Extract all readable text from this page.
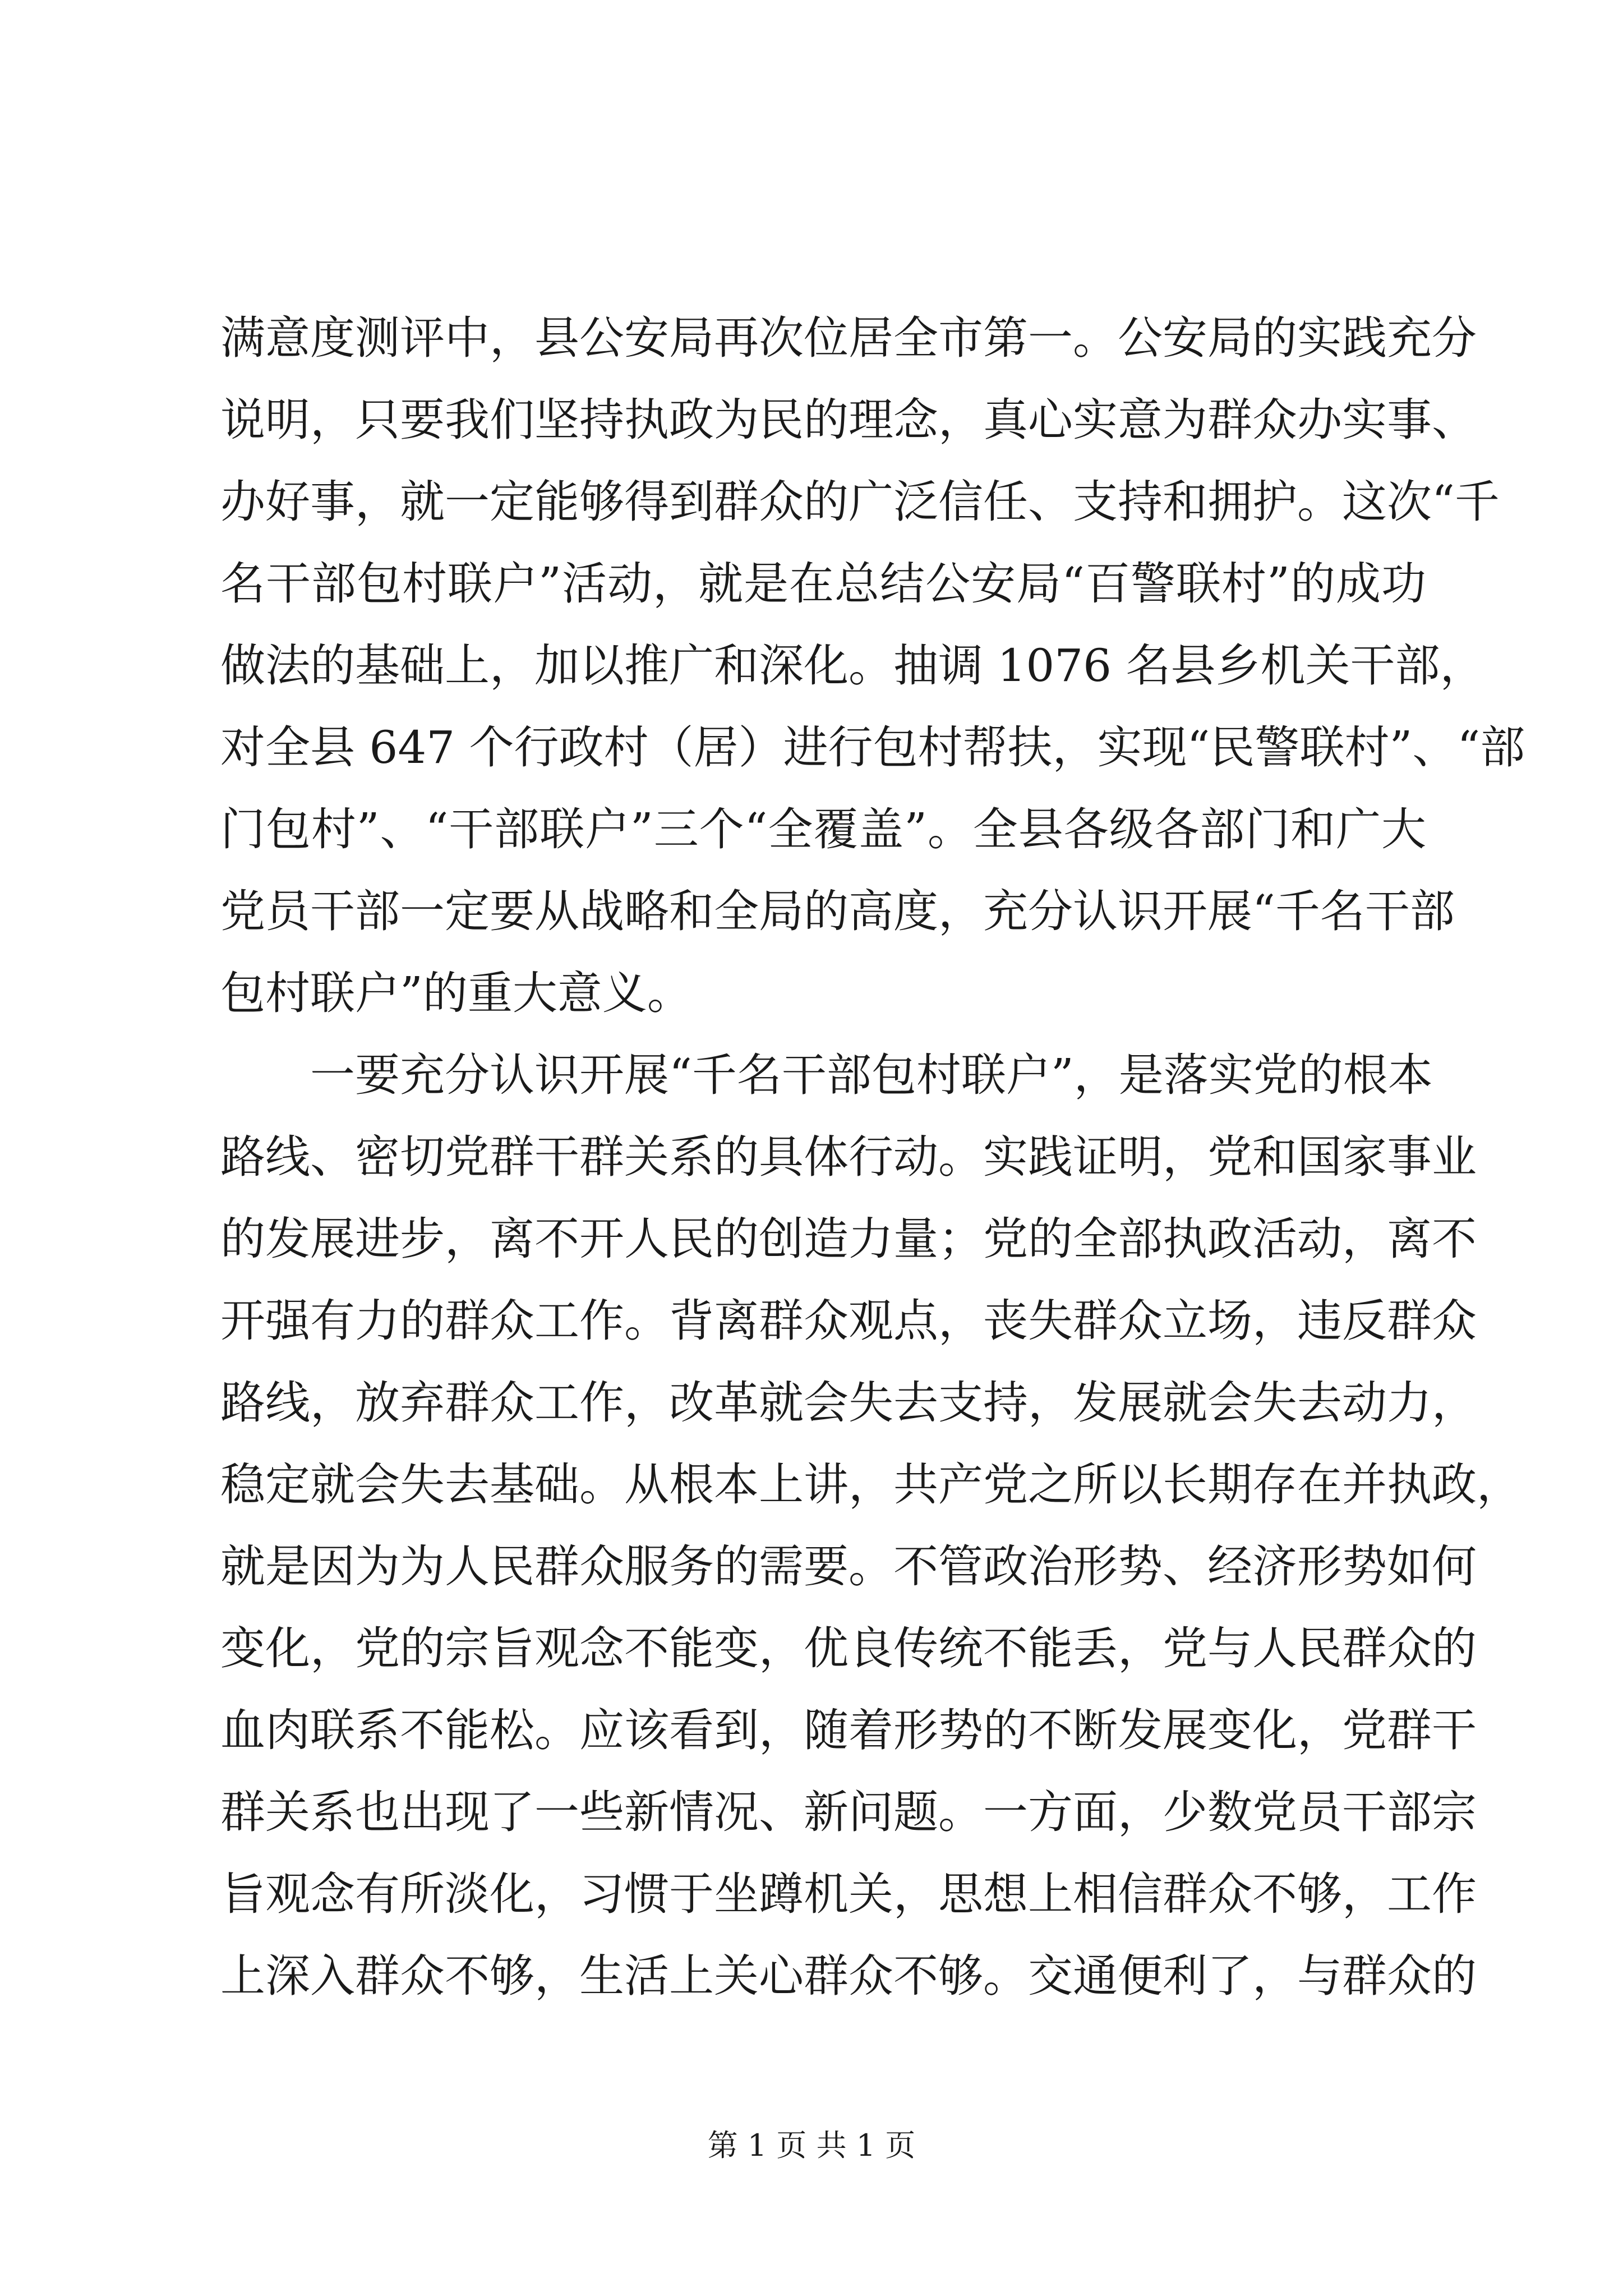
满意度测评中，县公安局再次位居全市第一。公安局的实践充分
说明，只要我们坚持执政为民的理念，真心实意为群众办实事、
办好事，就一定能够得到群众的广泛信任、支持和拥护。这次“千
名干部包村联户”活动，就是在总结公安局“百警联村”的成功
做法的基础上，加以推广和深化。抽调 1076 名县乡机关干部，
对全县 647 个行政村（居）进行包村帮扶，实现“民警联村”、“部
门包村”、“干部联户”三个“全覆盖”。全县各级各部门和广大
党员干部一定要从战略和全局的高度，充分认识开展“千名干部
包村联户”的重大意义。
一要充分认识开展“千名干部包村联户”，是落实党的根本
路线、密切党群干群关系的具体行动。实践证明，党和国家事业
的发展进步，离不开人民的创造力量；党的全部执政活动，离不
开强有力的群众工作。背离群众观点，丧失群众立场，违反群众
路线，放弃群众工作，改革就会失去支持，发展就会失去动力，
稳定就会失去基础。从根本上讲，共产党之所以长期存在并执政，
就是因为为人民群众服务的需要。不管政治形势、经济形势如何
变化，党的宗旨观念不能变，优良传统不能丢，党与人民群众的
血肉联系不能松。应该看到，随着形势的不断发展变化，党群干
群关系也出现了一些新情况、新问题。一方面，少数党员干部宗
旨观念有所淡化，习惯于坐蹲机关，思想上相信群众不够，工作
上深入群众不够，生活上关心群众不够。交通便利了，与群众的
第 1 页 共 1 页
